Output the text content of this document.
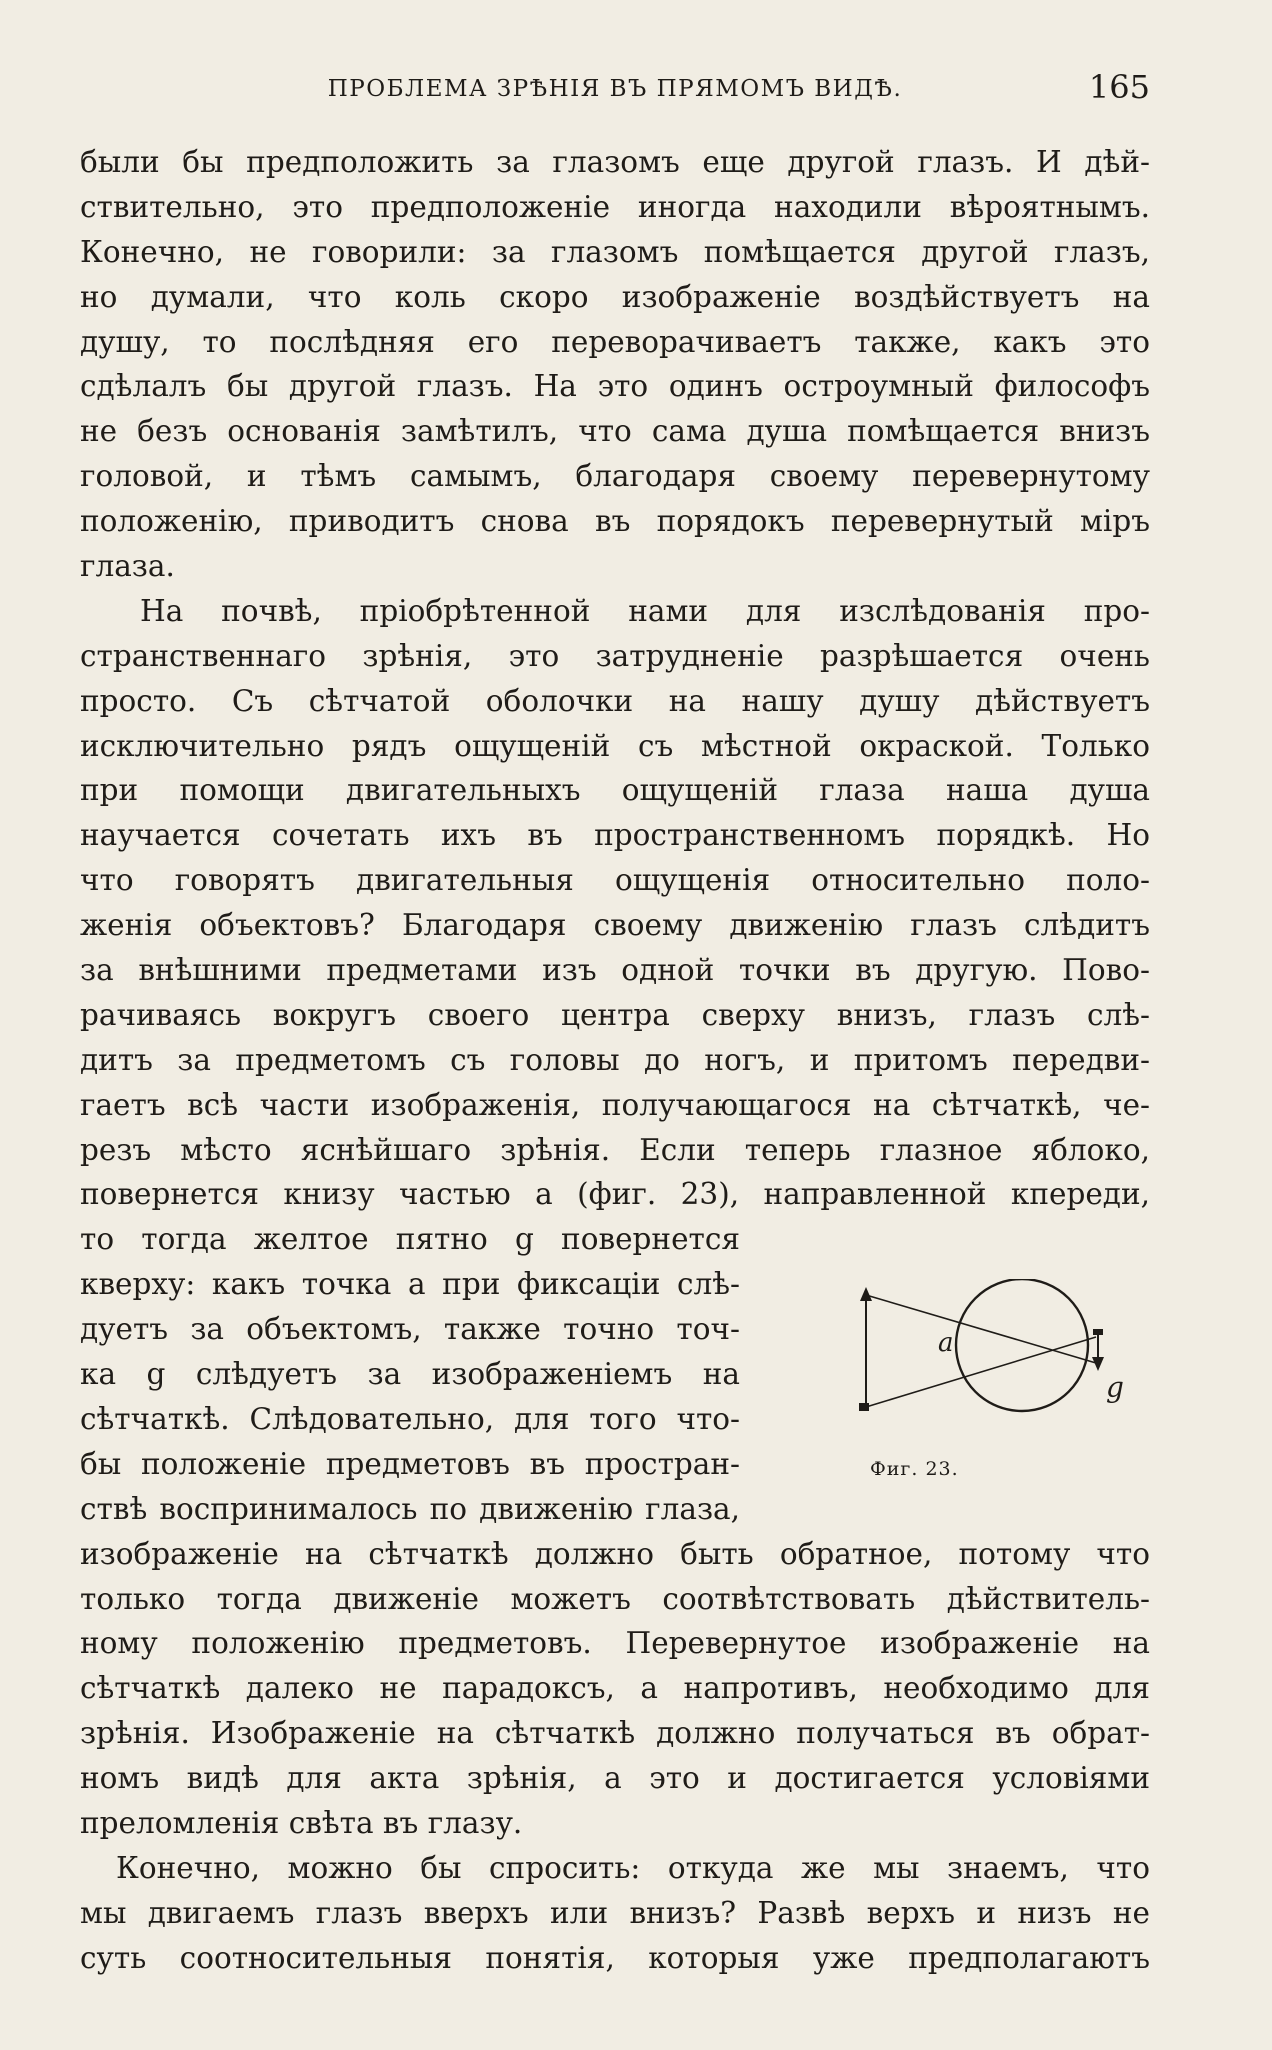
ПРОБЛЕМА ЗРѢНІЯ ВЪ ПРЯМОМЪ ВИДѢ.	165
были бы предположить за глазомъ еще другой глазъ. И дѣй-
ствительно, это предположеніе иногда находили вѣроятнымъ.
Конечно, не говорили: за глазомъ помѣщается другой глазъ,
но думали, что коль скоро изображеніе воздѣйствуетъ на
душу, то послѣдняя его переворачиваетъ также, какъ это
сдѣлалъ бы другой глазъ. На это одинъ остроумный философъ
не безъ основанія замѣтилъ, что сама душа помѣщается внизъ
головой, и тѣмъ самымъ, благодаря своему перевернутому
положенію, приводитъ снова въ порядокъ перевернутый міръ
глаза.
На почвѣ, пріобрѣтенной нами для изслѣдованія про-
странственнаго зрѣнія, это затрудненіе разрѣшается очень
просто. Съ сѣтчатой оболочки на нашу душу дѣйствуетъ
исключительно рядъ ощущеній съ мѣстной окраской. Только
при помощи двигательныхъ ощущеній глаза наша душа
научается сочетать ихъ въ пространственномъ порядкѣ. Но
что говорятъ двигательныя ощущенія относительно поло-
женія объектовъ? Благодаря своему движенію глазъ слѣдитъ
за внѣшними предметами изъ одной точки въ другую. Пово-
рачиваясь вокругъ своего центра сверху внизъ, глазъ слѣ-
дитъ за предметомъ съ головы до ногъ, и притомъ передви-
гаетъ всѣ части изображенія, получающагося на сѣтчаткѣ, че-
резъ мѣсто яснѣйшаго зрѣнія. Если теперь глазное яблоко,
повернется книзу частью a (фиг. 23), направленной кпереди,
то тогда желтое пятно g повернется
кверху: какъ точка a при фиксаціи слѣ-
дуетъ за объектомъ, также точно точ-
ка g слѣдуетъ за изображеніемъ на
сѣтчаткѣ. Слѣдовательно, для того что-
бы положеніе предметовъ въ простран-
ствѣ воспринималось по движенію глаза,
a
g
Фиг. 23.
изображеніе на сѣтчаткѣ должно быть обратное, потому что
только тогда движеніе можетъ соотвѣтствовать дѣйствитель-
ному положенію предметовъ. Перевернутое изображеніе на
сѣтчаткѣ далеко не парадоксъ, а напротивъ, необходимо для
зрѣнія. Изображеніе на сѣтчаткѣ должно получаться въ обрат-
номъ видѣ для акта зрѣнія, а это и достигается условіями
преломленія свѣта въ глазу.
Конечно, можно бы спросить: откуда же мы знаемъ, что
мы двигаемъ глазъ вверхъ или внизъ? Развѣ верхъ и низъ не
суть соотносительныя понятія, которыя уже предполагаютъ
